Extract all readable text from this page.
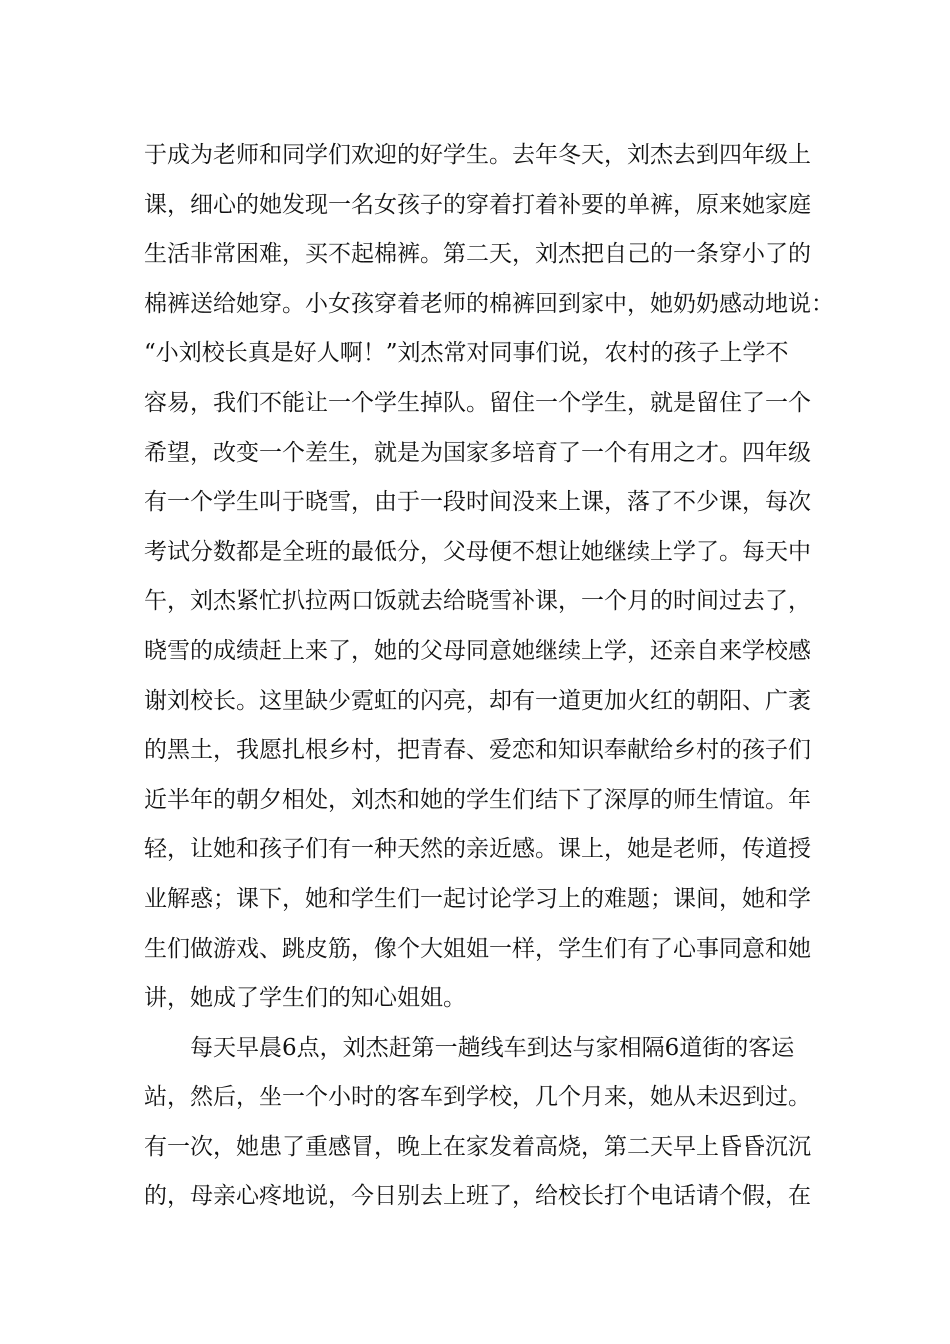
于成为老师和同学们欢迎的好学生。去年冬天，刘杰去到四年级上
课，细心的她发现一名女孩子的穿着打着补要的单裤，原来她家庭
生活非常困难，买不起棉裤。第二天，刘杰把自己的一条穿小了的
棉裤送给她穿。小女孩穿着老师的棉裤回到家中，她奶奶感动地说：
“小刘校长真是好人啊！”刘杰常对同事们说，农村的孩子上学不
容易，我们不能让一个学生掉队。留住一个学生，就是留住了一个
希望，改变一个差生，就是为国家多培育了一个有用之才。四年级
有一个学生叫于晓雪，由于一段时间没来上课，落了不少课，每次
考试分数都是全班的最低分，父母便不想让她继续上学了。每天中
午，刘杰紧忙扒拉两口饭就去给晓雪补课，一个月的时间过去了，
晓雪的成绩赶上来了，她的父母同意她继续上学，还亲自来学校感
谢刘校长。这里缺少霓虹的闪亮，却有一道更加火红的朝阳、广袤
的黑土，我愿扎根乡村，把青春、爱恋和知识奉献给乡村的孩子们
近半年的朝夕相处，刘杰和她的学生们结下了深厚的师生情谊。年
轻，让她和孩子们有一种天然的亲近感。课上，她是老师，传道授
业解惑；课下，她和学生们一起讨论学习上的难题；课间，她和学
生们做游戏、跳皮筋，像个大姐姐一样，学生们有了心事同意和她
讲，她成了学生们的知心姐姐。
每天早晨6点，刘杰赶第一趟线车到达与家相隔6道街的客运
站，然后，坐一个小时的客车到学校，几个月来，她从未迟到过。
有一次，她患了重感冒，晚上在家发着高烧，第二天早上昏昏沉沉
的，母亲心疼地说，今日别去上班了，给校长打个电话请个假，在
